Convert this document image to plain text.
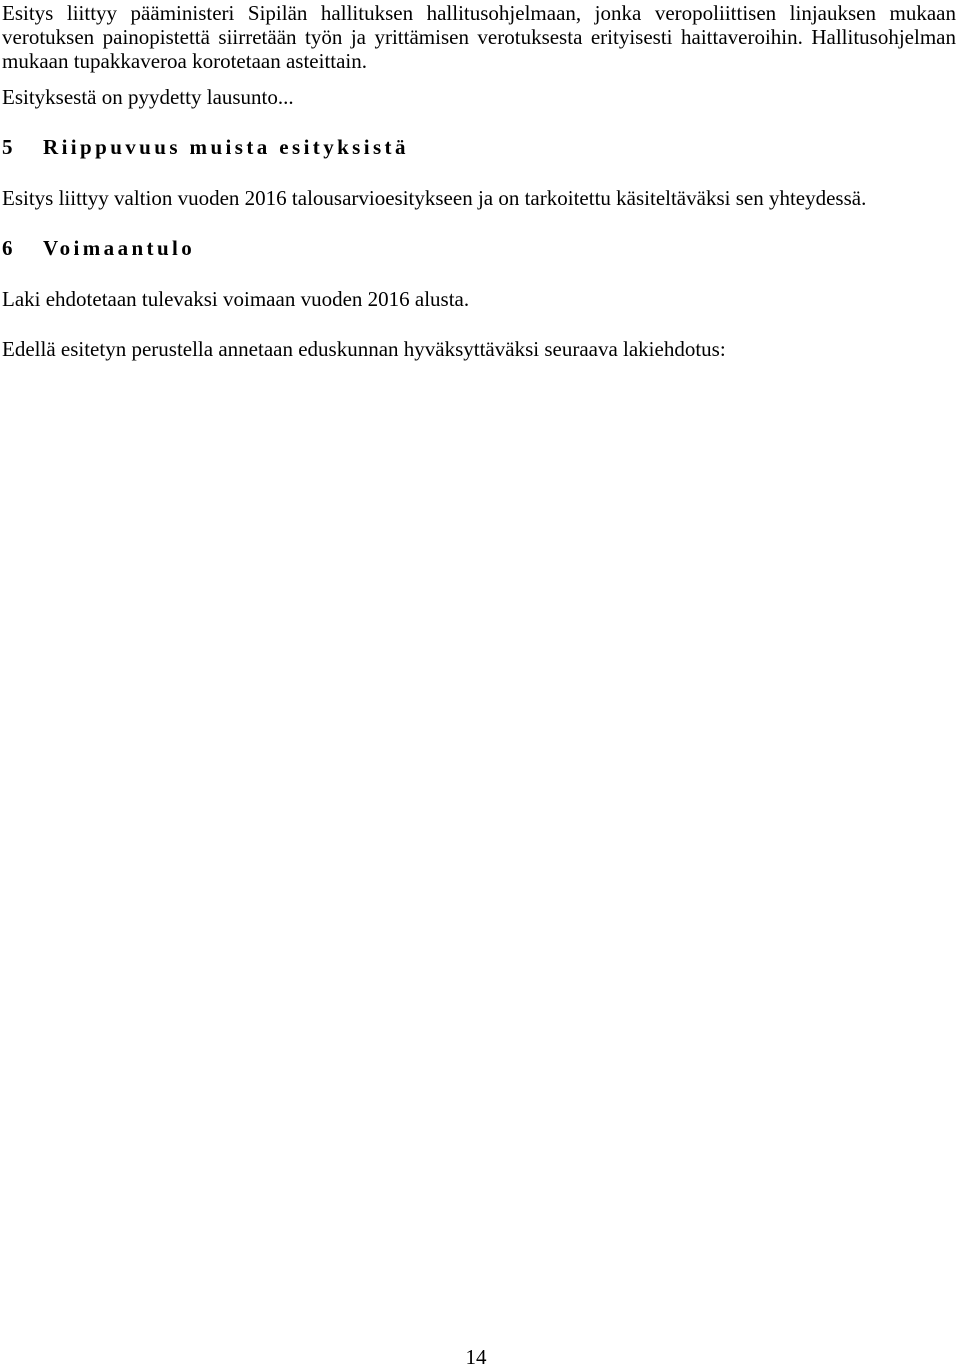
Esitys liittyy pääministeri Sipilän hallituksen hallitusohjelmaan, jonka veropoliittisen linjauksen mukaan verotuksen painopistettä siirretään työn ja yrittämisen verotuksesta erityisesti haittaveroihin. Hallitusohjelman mukaan tupakkaveroa korotetaan asteittain.

Esityksestä on pyydetty lausunto...

5 Riippuvuus muista esityksistä

Esitys liittyy valtion vuoden 2016 talousarvioesitykseen ja on tarkoitettu käsiteltäväksi sen yhteydessä.

6 Voimaantulo

Laki ehdotetaan tulevaksi voimaan vuoden 2016 alusta.

Edellä esitetyn perustella annetaan eduskunnan hyväksyttäväksi seuraava lakiehdotus:

14
